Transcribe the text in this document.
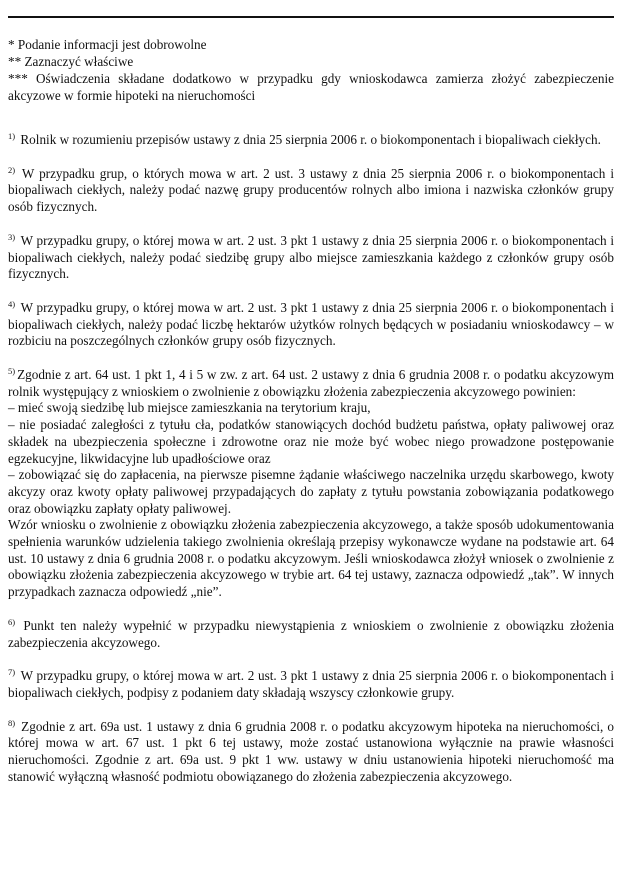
* Podanie informacji jest dobrowolne

** Zaznaczyć właściwe

*** Oświadczenia składane dodatkowo w przypadku gdy wnioskodawca zamierza złożyć zabezpieczenie akcyzowe w formie hipoteki na nieruchomości

$^{1)}$ Rolnik w rozumieniu przepisów ustawy z dnia 25 sierpnia 2006 r. o biokomponentach i biopaliwach ciekłych.

$^{2)}$ W przypadku grup, o których mowa w art. 2 ust. 3 ustawy z dnia 25 sierpnia 2006 r. o biokomponentach i biopaliwach ciekłych, należy podać nazwę grupy producentów rolnych albo imiona i nazwiska członków grupy osób fizycznych.

$^{3)}$ W przypadku grupy, o której mowa w art. 2 ust. 3 pkt 1 ustawy z dnia 25 sierpnia 2006 r. o biokomponentach i biopaliwach ciekłych, należy podać siedzibę grupy albo miejsce zamieszkania każdego z członków grupy osób fizycznych.

$^{4)}$ W przypadku grupy, o której mowa w art. 2 ust. 3 pkt 1 ustawy z dnia 25 sierpnia 2006 r. o biokomponentach i biopaliwach ciekłych, należy podać liczbę hektarów użytków rolnych będących w posiadaniu wnioskodawcy – w rozbiciu na poszczególnych członków grupy osób fizycznych.

$^{5)}$ Zgodnie z art. 64 ust. 1 pkt 1, 4 i 5 w zw. z art. 64 ust. 2 ustawy z dnia 6 grudnia 2008 r. o podatku akcyzowym rolnik występujący z wnioskiem o zwolnienie z obowiązku złożenia zabezpieczenia akcyzowego powinien:
– mieć swoją siedzibę lub miejsce zamieszkania na terytorium kraju,
– nie posiadać zaległości z tytułu cła, podatków stanowiących dochód budżetu państwa, opłaty paliwowej oraz składek na ubezpieczenia społeczne i zdrowotne oraz nie może być wobec niego prowadzone postępowanie egzekucyjne, likwidacyjne lub upadłościowe oraz
– zobowiązać się do zapłacenia, na pierwsze pisemne żądanie właściwego naczelnika urzędu skarbowego, kwoty akcyzy oraz kwoty opłaty paliwowej przypadających do zapłaty z tytułu powstania zobowiązania podatkowego oraz obowiązku zapłaty opłaty paliwowej.
Wzór wniosku o zwolnienie z obowiązku złożenia zabezpieczenia akcyzowego, a także sposób udokumentowania spełnienia warunków udzielenia takiego zwolnienia określają przepisy wykonawcze wydane na podstawie art. 64 ust. 10 ustawy z dnia 6 grudnia 2008 r. o podatku akcyzowym. Jeśli wnioskodawca złożył wniosek o zwolnienie z obowiązku złożenia zabezpieczenia akcyzowego w trybie art. 64 tej ustawy, zaznacza odpowiedź „tak”. W innych przypadkach zaznacza odpowiedź „nie”.

$^{6)}$ Punkt ten należy wypełnić w przypadku niewystąpienia z wnioskiem o zwolnienie z obowiązku złożenia zabezpieczenia akcyzowego.

$^{7)}$ W przypadku grupy, o której mowa w art. 2 ust. 3 pkt 1 ustawy z dnia 25 sierpnia 2006 r. o biokomponentach i biopaliwach ciekłych, podpisy z podaniem daty składają wszyscy członkowie grupy.

$^{8)}$ Zgodnie z art. 69a ust. 1 ustawy z dnia 6 grudnia 2008 r. o podatku akcyzowym hipoteka na nieruchomości, o której mowa w art. 67 ust. 1 pkt 6 tej ustawy, może zostać ustanowiona wyłącznie na prawie własności nieruchomości. Zgodnie z art. 69a ust. 9 pkt 1 ww. ustawy w dniu ustanowienia hipoteki nieruchomość ma stanowić wyłączną własność podmiotu obowiązanego do złożenia zabezpieczenia akcyzowego.
